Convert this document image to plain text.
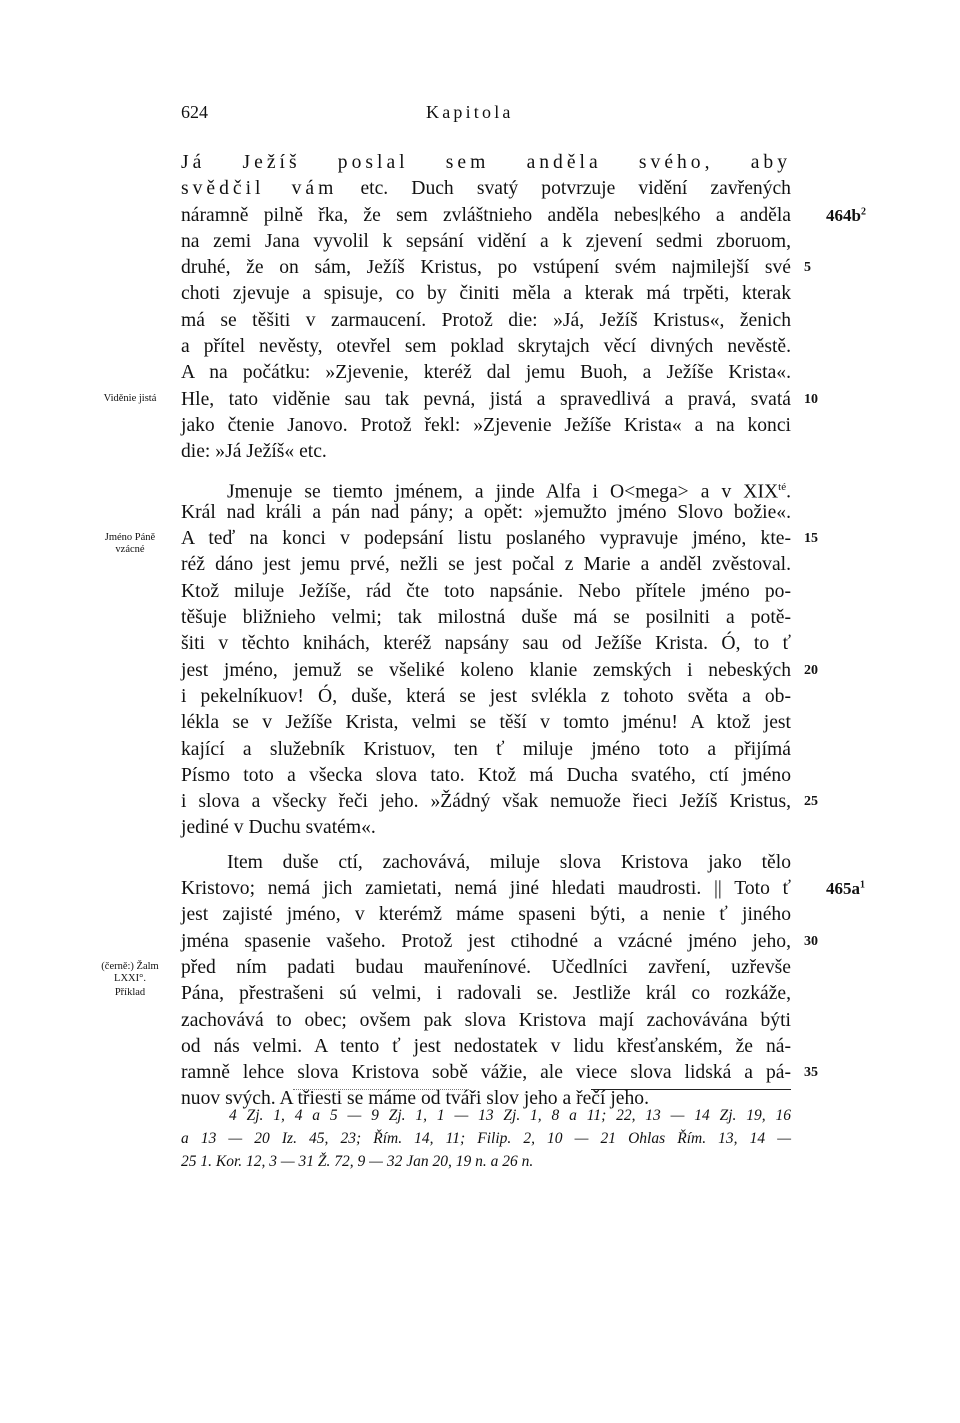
624	Kapitola
Já Ježíš poslal sem anděla svého, aby
svědčil vám etc. Duch svatý potvrzuje vidění zavřených
náramně pilně řka, že sem zvláštnieho anděla nebes|kého a anděla
na zemi Jana vyvolil k sepsání vidění a k zjevení sedmi zboruom,
druhé, že on sám, Ježíš Kristus, po vstúpení svém najmilejší své
choti zjevuje a spisuje, co by činiti měla a kterak má trpěti, kterak
má se těšiti v zarmaucení. Protož die: »Já, Ježíš Kristus«, ženich
a přítel nevěsty, otevřel sem poklad skrytajch věcí divných nevěstě.
A na počátku: »Zjevenie, kteréž dal jemu Buoh, a Ježíše Krista«.
Hle, tato viděnie sau tak pevná, jistá a spravedlivá a pravá, svatá
jako čtenie Janovo. Protož řekl: »Zjevenie Ježíše Krista« a na konci
die: »Já Ježíš« etc.
Jmenuje se tiemto jménem, a jinde Alfa i O<mega> a v $XIX^{té}$.
Král nad králi a pán nad pány; a opět: »jemužto jméno Slovo božie«.
A teď na konci v podepsání listu poslaného vypravuje jméno, kte-
réž dáno jest jemu prvé, nežli se jest počal z Marie a anděl zvěstoval.
Ktož miluje Ježíše, rád čte toto napsánie. Nebo přítele jméno po-
těšuje bližnieho velmi; tak milostná duše má se posilniti a potě-
šiti v těchto knihách, kteréž napsány sau od Ježíše Krista. Ó, to ť
jest jméno, jemuž se všeliké koleno klanie zemských i nebeských
i pekelníkuov! Ó, duše, která se jest svlékla z tohoto světa a ob-
lékla se v Ježíše Krista, velmi se těší v tomto jménu! A ktož jest
kající a služebník Kristuov, ten ť miluje jméno toto a přijímá
Písmo toto a všecka slova tato. Ktož má Ducha svatého, ctí jméno
i slova a všecky řeči jeho. »Žádný však nemuože řieci Ježíš Kristus,
jediné v Duchu svatém«.
Item duše ctí, zachovává, miluje slova Kristova jako tělo
Kristovo; nemá jich zamietati, nemá jiné hledati maudrosti. || Toto ť
jest zajisté jméno, v kterémž máme spaseni býti, a nenie ť jiného
jména spasenie vašeho. Protož jest ctihodné a vzácné jméno jeho,
před ním padati budau mauřenínové. Učedlníci zavření, uzřevše
Pána, přestrašeni sú velmi, i radovali se. Jestliže král co rozkáže,
zachovává to obec; ovšem pak slova Kristova mají zachovávána býti
od nás velmi. A tento ť jest nedostatek v lidu křesťanském, že ná-
ramně lehce slova Kristova sobě vážie, ale viece slova lidská a pá-
nuov svých. A třiesti se máme od tváři slov jeho a řečí jeho.
5
10
15
20
25
30
35
$464b^2$
$465a^1$
Viděnie jistá
Jméno Páně
vzácné
(černě:) Žalm
LXXI°.
Příklad
4 Zj. 1, 4 a 5 — 9 Zj. 1, 1 — 13 Zj. 1, 8 a 11; 22, 13 — 14 Zj. 19, 16
a 13 — 20 Iz. 45, 23; Řím. 14, 11; Filip. 2, 10 — 21 Ohlas Řím. 13, 14 —
25 1. Kor. 12, 3 — 31 Ž. 72, 9 — 32 Jan 20, 19 n. a 26 n.
